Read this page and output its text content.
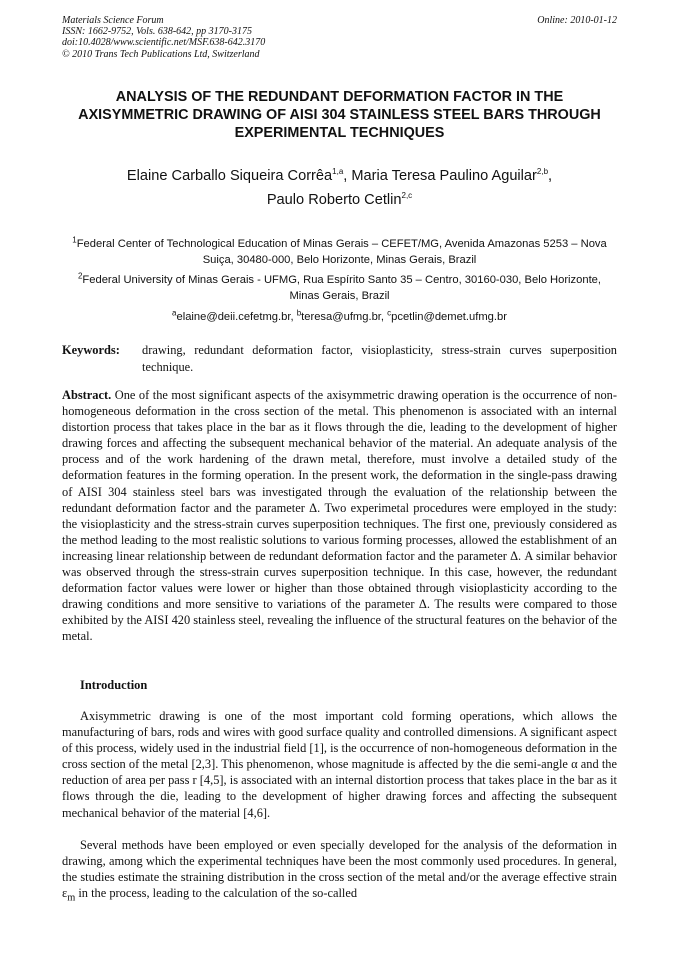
Materials Science Forum
ISSN: 1662-9752, Vols. 638-642, pp 3170-3175
doi:10.4028/www.scientific.net/MSF.638-642.3170
© 2010 Trans Tech Publications Ltd, Switzerland
Online: 2010-01-12
ANALYSIS OF THE REDUNDANT DEFORMATION FACTOR IN THE AXISYMMETRIC DRAWING OF AISI 304 STAINLESS STEEL BARS THROUGH EXPERIMENTAL TECHNIQUES
Elaine Carballo Siqueira Corrêa$^{1,a}$, Maria Teresa Paulino Aguilar$^{2,b}$,
Paulo Roberto Cetlin$^{2,c}$
$^1$Federal Center of Technological Education of Minas Gerais – CEFET/MG, Avenida Amazonas 5253 – Nova Suiça, 30480-000, Belo Horizonte, Minas Gerais, Brazil
$^2$Federal University of Minas Gerais - UFMG, Rua Espírito Santo 35 – Centro, 30160-030, Belo Horizonte, Minas Gerais, Brazil
$^a$elaine@deii.cefetmg.br, $^b$teresa@ufmg.br, $^c$pcetlin@demet.ufmg.br
Keywords:	drawing, redundant deformation factor, visioplasticity, stress-strain curves superposition technique.

Abstract. One of the most significant aspects of the axisymmetric drawing operation is the occurrence of non-homogeneous deformation in the cross section of the metal. This phenomenon is associated with an internal distortion process that takes place in the bar as it flows through the die, leading to the development of higher drawing forces and affecting the subsequent mechanical behavior of the material. An adequate analysis of the process and of the work hardening of the drawn metal, therefore, must involve a detailed study of the deformation features in the forming operation. In the present work, the deformation in the single-pass drawing of AISI 304 stainless steel bars was investigated through the evaluation of the relationship between the redundant deformation factor and the parameter Δ. Two experimetal procedures were employed in the study: the visioplasticity and the stress-strain curves superposition techniques. The first one, previously considered as the method leading to the most realistic solutions to various forming processes, allowed the establishment of an increasing linear relationship between de redundant deformation factor and the parameter Δ. A similar behavior was observed through the stress-strain curves superposition technique. In this case, however, the redundant deformation factor values were lower or higher than those obtained through visioplasticity according to the drawing conditions and more sensitive to variations of the parameter Δ. The results were compared to those exhibited by the AISI 420 stainless steel, revealing the influence of the structural features on the behavior of the metal.

Introduction

Axisymmetric drawing is one of the most important cold forming operations, which allows the manufacturing of bars, rods and wires with good surface quality and controlled dimensions. A significant aspect of this process, widely used in the industrial field [1], is the occurrence of non-homogeneous deformation in the cross section of the metal [2,3]. This phenomenon, whose magnitude is affected by the die semi-angle α and the reduction of area per pass r [4,5], is associated with an internal distortion process that takes place in the bar as it flows through the die, leading to the development of higher drawing forces and affecting the subsequent mechanical behavior of the material [4,6].

Several methods have been employed or even specially developed for the analysis of the deformation in drawing, among which the experimental techniques have been the most commonly used procedures. In general, the studies estimate the straining distribution in the cross section of the metal and/or the average effective strain $\varepsilon_m$ in the process, leading to the calculation of the so-called
